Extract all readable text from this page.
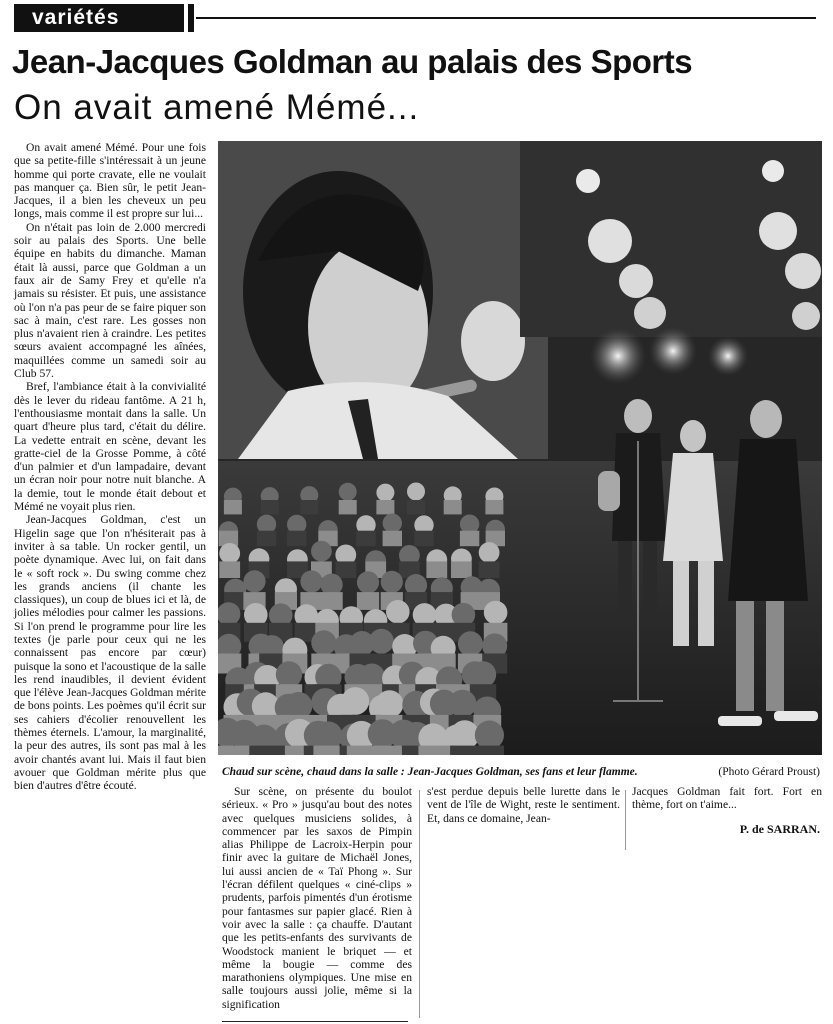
variétés
Jean-Jacques Goldman au palais des Sports
On avait amené Mémé...

On avait amené Mémé. Pour une fois que sa petite-fille s'intéressait à un jeune homme qui porte cravate, elle ne voulait pas manquer ça. Bien sûr, le petit Jean-Jacques, il a bien les cheveux un peu longs, mais comme il est propre sur lui...

On n'était pas loin de 2.000 mercredi soir au palais des Sports. Une belle équipe en habits du dimanche. Maman était là aussi, parce que Goldman a un faux air de Samy Frey et qu'elle n'a jamais su résister. Et puis, une assistance où l'on n'a pas peur de se faire piquer son sac à main, c'est rare. Les gosses non plus n'avaient rien à craindre. Les petites sœurs avaient accompagné les aînées, maquillées comme un samedi soir au Club 57.

Bref, l'ambiance était à la convivialité dès le lever du rideau fantôme. A 21 h, l'enthousiasme montait dans la salle. Un quart d'heure plus tard, c'était du délire. La vedette entrait en scène, devant les gratte-ciel de la Grosse Pomme, à côté d'un palmier et d'un lampadaire, devant un écran noir pour notre nuit blanche. A la demie, tout le monde était debout et Mémé ne voyait plus rien.

Jean-Jacques Goldman, c'est un Higelin sage que l'on n'hésiterait pas à inviter à sa table. Un rocker gentil, un poète dynamique. Avec lui, on fait dans le « soft rock ». Du swing comme chez les grands anciens (il chante les classiques), un coup de blues ici et là, de jolies mélodies pour calmer les passions. Si l'on prend le programme pour lire les textes (je parle pour ceux qui ne les connaissent pas encore par cœur) puisque la sono et l'acoustique de la salle les rend inaudibles, il devient évident que l'élève Jean-Jacques Goldman mérite de bons points. Les poèmes qu'il écrit sur ses cahiers d'écolier renouvellent les thèmes éternels. L'amour, la marginalité, la peur des autres, ils sont pas mal à les avoir chantés avant lui. Mais il faut bien avouer que Goldman mérite plus que bien d'autres d'être écouté.

Chaud sur scène, chaud dans la salle : Jean-Jacques Goldman, ses fans et leur flamme.	(Photo Gérard Proust)

Sur scène, on présente du boulot sérieux. « Pro » jusqu'au bout des notes avec quelques musiciens solides, à commencer par les saxos de Pimpin alias Philippe de Lacroix-Herpin pour finir avec la guitare de Michaël Jones, lui aussi ancien de « Taï Phong ». Sur l'écran défilent quelques « ciné-clips » prudents, parfois pimentés d'un érotisme pour fantasmes sur papier glacé. Rien à voir avec la salle : ça chauffe. D'autant que les petits-enfants des survivants de Woodstock manient le briquet — et même la bougie — comme des marathoniens olympiques. Une mise en salle toujours aussi jolie, même si la signification

s'est perdue depuis belle lurette dans le vent de l'île de Wight, reste le sentiment. Et, dans ce domaine, Jean-

Jacques Goldman fait fort. Fort en thème, fort on t'aime...

P. de SARRAN.
